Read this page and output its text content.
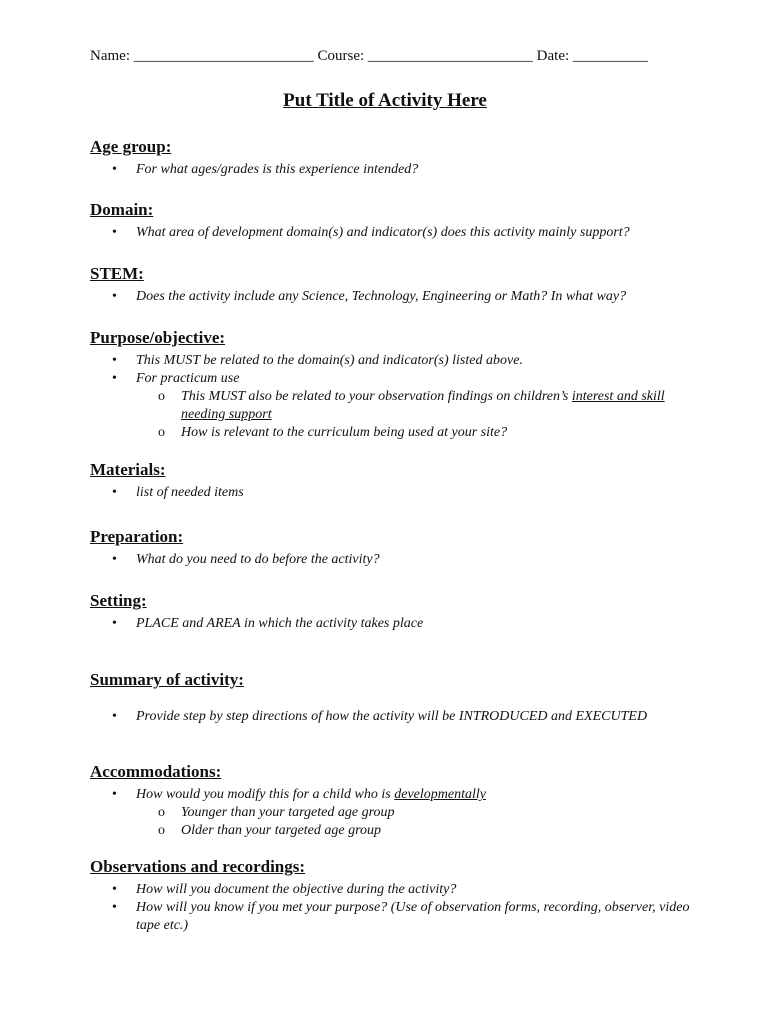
Name: ________________________ Course: ______________________ Date: __________
Put Title of Activity Here

Age group:

• For what ages/grades is this experience intended?

Domain:

• What area of development domain(s) and indicator(s) does this activity mainly support?

STEM:

• Does the activity include any Science, Technology, Engineering or Math? In what way?

Purpose/objective:

• This MUST be related to the domain(s) and indicator(s) listed above.
• For practicum use
o This MUST also be related to your observation findings on children’s interest and skill needing support
o How is relevant to the curriculum being used at your site?

Materials:

• list of needed items

Preparation:

• What do you need to do before the activity?

Setting:

• PLACE and AREA in which the activity takes place

Summary of activity:

• Provide step by step directions of how the activity will be INTRODUCED and EXECUTED

Accommodations:

• How would you modify this for a child who is developmentally
o Younger than your targeted age group
o Older than your targeted age group

Observations and recordings:

• How will you document the objective during the activity?
• How will you know if you met your purpose? (Use of observation forms, recording, observer, video tape etc.)
